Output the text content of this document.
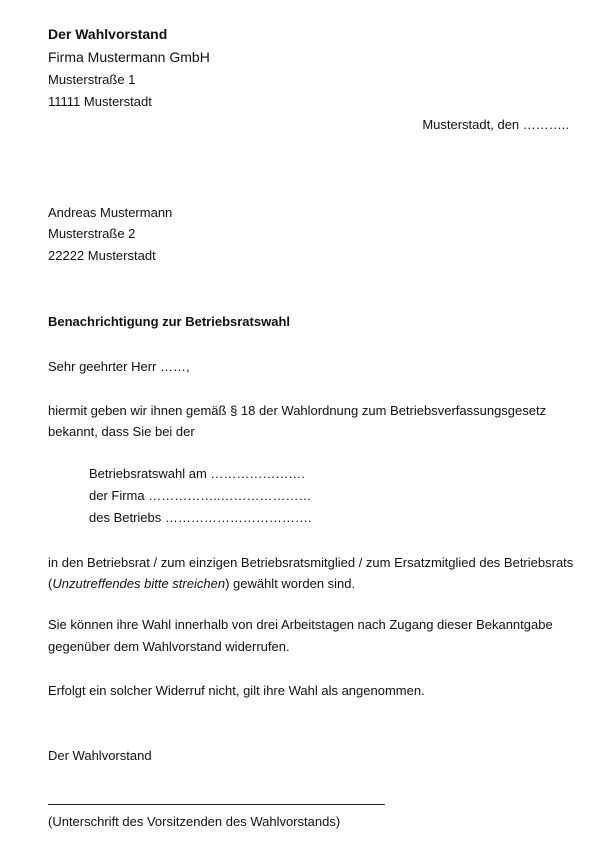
Der Wahlvorstand
Firma Mustermann GmbH
Musterstraße 1
11111 Musterstadt
Musterstadt, den ………..
Andreas Mustermann
Musterstraße 2
22222 Musterstadt
Benachrichtigung zur Betriebsratswahl
Sehr geehrter Herr ……,
hiermit geben wir ihnen gemäß § 18 der Wahlordnung zum Betriebsverfassungsgesetz
bekannt, dass Sie bei der
Betriebsratswahl am ………………….
der Firma ……………..…………………
des Betriebs …………………………….
in den Betriebsrat / zum einzigen Betriebsratsmitglied / zum Ersatzmitglied des Betriebsrats
(Unzutreffendes bitte streichen) gewählt worden sind.
Sie können ihre Wahl innerhalb von drei Arbeitstagen nach Zugang dieser Bekanntgabe
gegenüber dem Wahlvorstand widerrufen.
Erfolgt ein solcher Widerruf nicht, gilt ihre Wahl als angenommen.
Der Wahlvorstand
(Unterschrift des Vorsitzenden des Wahlvorstands)
